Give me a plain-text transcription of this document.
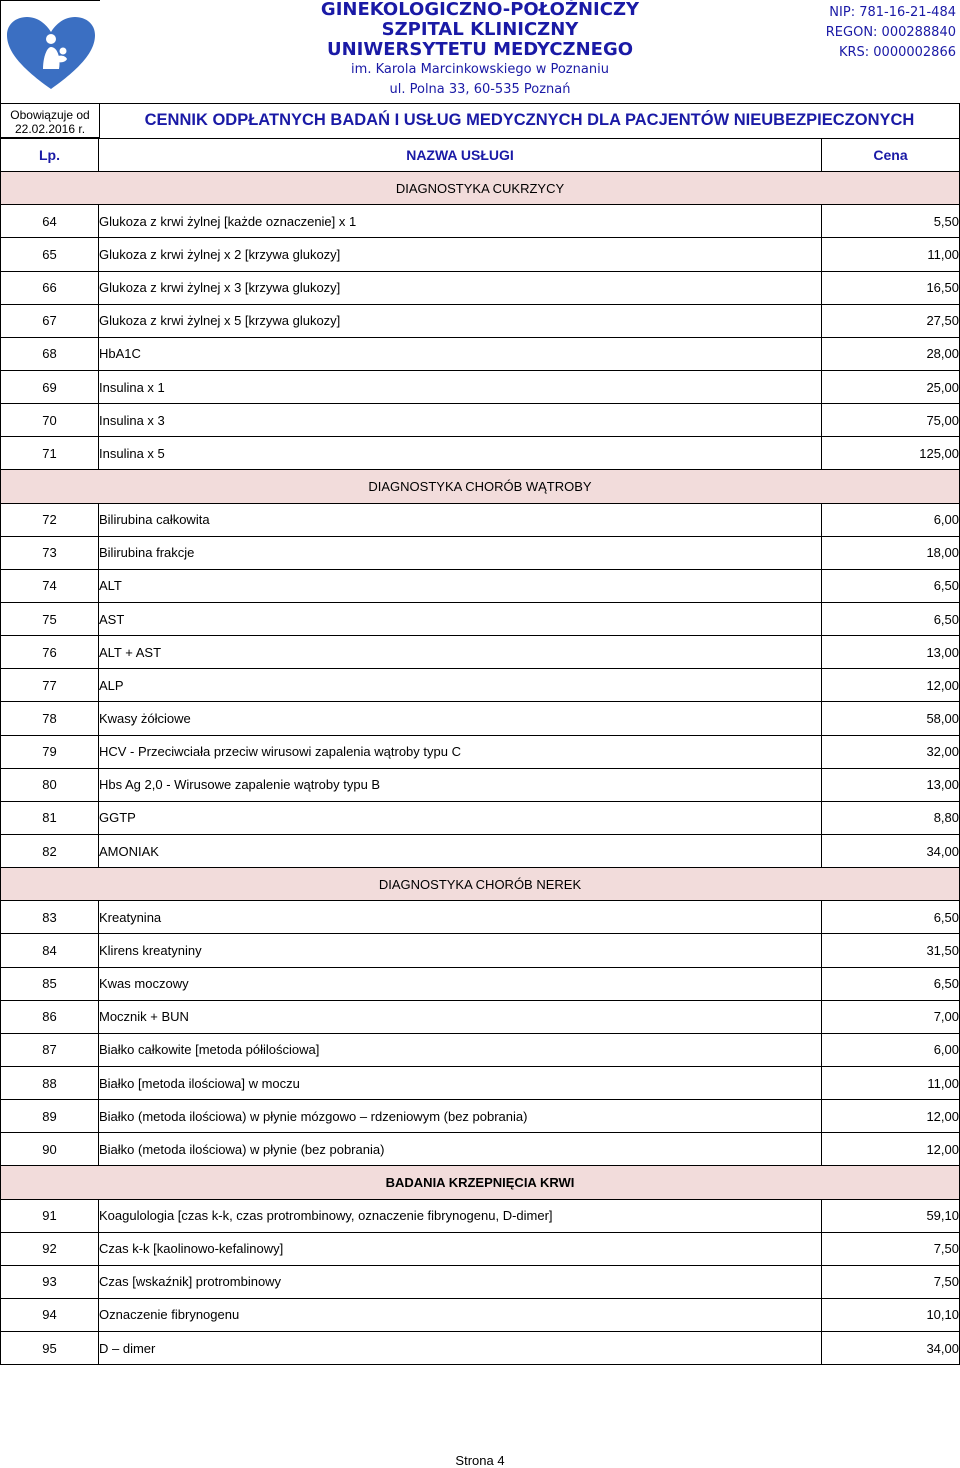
Obowiązuje od
22.02.2016 r.
GINEKOLOGICZNO-POŁOŻNICZY
SZPITAL KLINICZNY
UNIWERSYTETU MEDYCZNEGO
im. Karola Marcinkowskiego w Poznaniu
ul. Polna 33, 60-535 Poznań
NIP: 781-16-21-484
REGON: 000288840
KRS: 0000002866
CENNIK ODPŁATNYCH BADAŃ I USŁUG MEDYCZNYCH DLA PACJENTÓW NIEUBEZPIECZONYCH
Lp.	NAZWA USŁUGI	Cena
DIAGNOSTYKA CUKRZYCY		
64	Glukoza z krwi żylnej [każde oznaczenie] x 1	5,50
65	Glukoza z krwi żylnej x 2 [krzywa glukozy]	11,00
66	Glukoza z krwi żylnej x 3 [krzywa glukozy]	16,50
67	Glukoza z krwi żylnej x 5 [krzywa glukozy]	27,50
68	HbA1C	28,00
69	Insulina x 1	25,00
70	Insulina x 3	75,00
71	Insulina x 5	125,00
DIAGNOSTYKA CHORÓB WĄTROBY		
72	Bilirubina całkowita	6,00
73	Bilirubina frakcje	18,00
74	ALT	6,50
75	AST	6,50
76	ALT + AST	13,00
77	ALP	12,00
78	Kwasy żółciowe	58,00
79	HCV - Przeciwciała przeciw wirusowi zapalenia wątroby typu C	32,00
80	Hbs Ag 2,0 - Wirusowe zapalenie wątroby typu B	13,00
81	GGTP	8,80
82	AMONIAK	34,00
DIAGNOSTYKA CHORÓB NEREK		
83	Kreatynina	6,50
84	Klirens kreatyniny	31,50
85	Kwas moczowy	6,50
86	Mocznik + BUN	7,00
87	Białko całkowite [metoda półilościowa]	6,00
88	Białko [metoda ilościowa] w moczu	11,00
89	Białko (metoda ilościowa) w płynie mózgowo – rdzeniowym (bez pobrania)	12,00
90	Białko (metoda ilościowa) w płynie (bez pobrania)	12,00
BADANIA KRZEPNIĘCIA KRWI		
91	Koagulologia [czas k-k, czas protrombinowy, oznaczenie fibrynogenu, D-dimer]	59,10
92	Czas k-k [kaolinowo-kefalinowy]	7,50
93	Czas [wskaźnik] protrombinowy	7,50
94	Oznaczenie fibrynogenu	10,10
95	D – dimer	34,00
Strona 4
